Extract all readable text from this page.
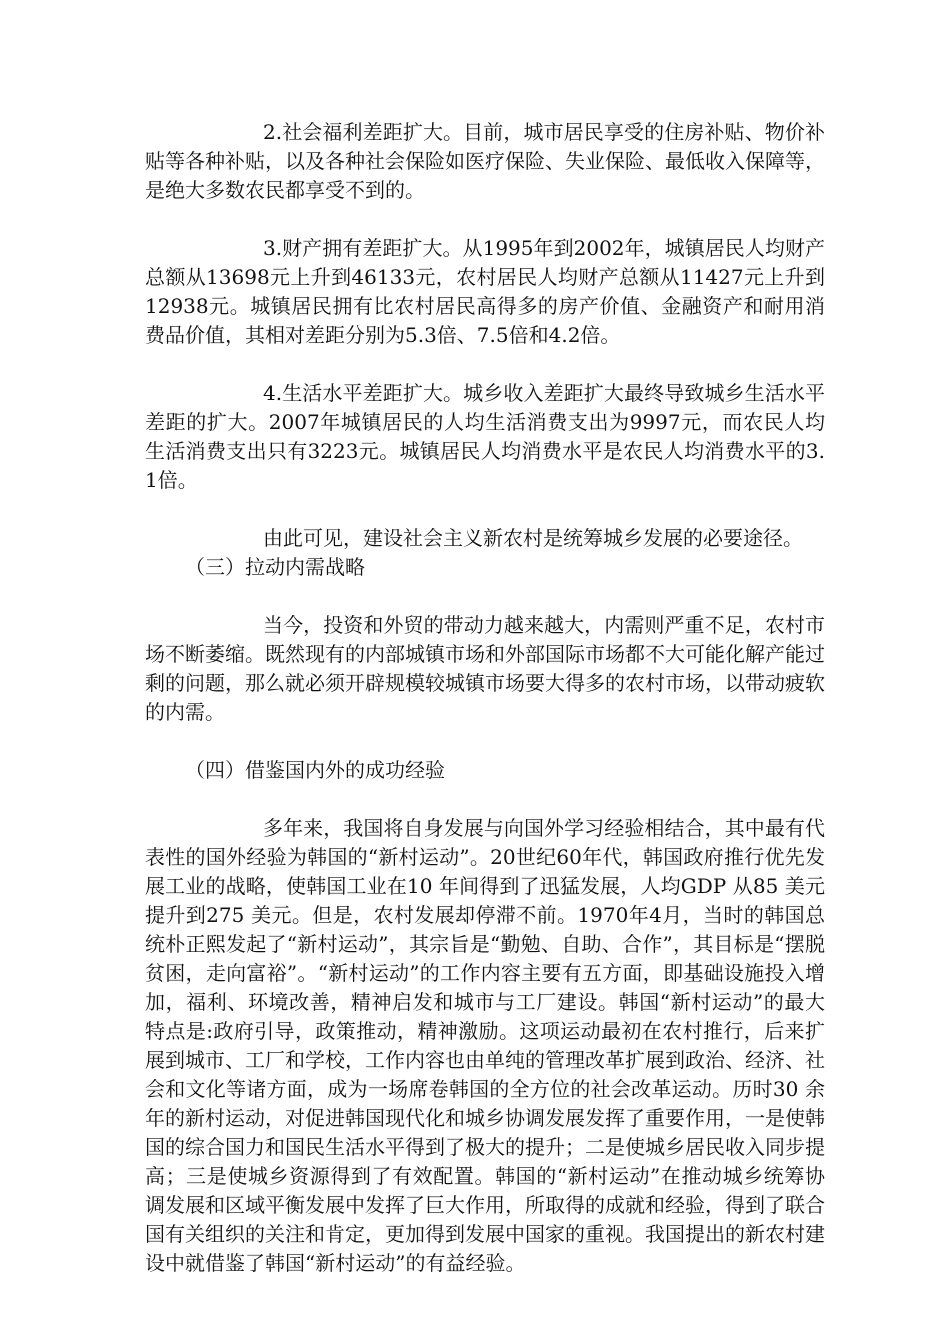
2.社会福利差距扩大。目前，城市居民享受的住房补贴、物价补贴等各种补贴，以及各种社会保险如医疗保险、失业保险、最低收入保障等，是绝大多数农民都享受不到的。

3.财产拥有差距扩大。从1995年到2002年，城镇居民人均财产总额从13698元上升到46133元，农村居民人均财产总额从11427元上升到12938元。城镇居民拥有比农村居民高得多的房产价值、金融资产和耐用消费品价值，其相对差距分别为5.3倍、7.5倍和4.2倍。

4.生活水平差距扩大。城乡收入差距扩大最终导致城乡生活水平差距的扩大。2007年城镇居民的人均生活消费支出为9997元，而农民人均生活消费支出只有3223元。城镇居民人均消费水平是农民人均消费水平的3.1倍。

由此可见，建设社会主义新农村是统筹城乡发展的必要途径。

（三）拉动内需战略

当今，投资和外贸的带动力越来越大，内需则严重不足，农村市场不断萎缩。既然现有的内部城镇市场和外部国际市场都不大可能化解产能过剩的问题，那么就必须开辟规模较城镇市场要大得多的农村市场，以带动疲软的内需。

（四）借鉴国内外的成功经验

多年来，我国将自身发展与向国外学习经验相结合，其中最有代表性的国外经验为韩国的“新村运动”。20世纪60年代，韩国政府推行优先发展工业的战略，使韩国工业在10 年间得到了迅猛发展，人均GDP 从85 美元提升到275 美元。但是，农村发展却停滞不前。1970年4月，当时的韩国总统朴正熙发起了“新村运动”，其宗旨是“勤勉、自助、合作”，其目标是“摆脱贫困，走向富裕”。“新村运动”的工作内容主要有五方面，即基础设施投入增加，福利、环境改善，精神启发和城市与工厂建设。韩国“新村运动”的最大特点是:政府引导，政策推动，精神激励。这项运动最初在农村推行，后来扩展到城市、工厂和学校，工作内容也由单纯的管理改革扩展到政治、经济、社会和文化等诸方面，成为一场席卷韩国的全方位的社会改革运动。历时30 余年的新村运动，对促进韩国现代化和城乡协调发展发挥了重要作用，一是使韩国的综合国力和国民生活水平得到了极大的提升；二是使城乡居民收入同步提高；三是使城乡资源得到了有效配置。韩国的“新村运动”在推动城乡统筹协调发展和区域平衡发展中发挥了巨大作用，所取得的成就和经验，得到了联合国有关组织的关注和肯定，更加得到发展中国家的重视。我国提出的新农村建设中就借鉴了韩国“新村运动”的有益经验。
